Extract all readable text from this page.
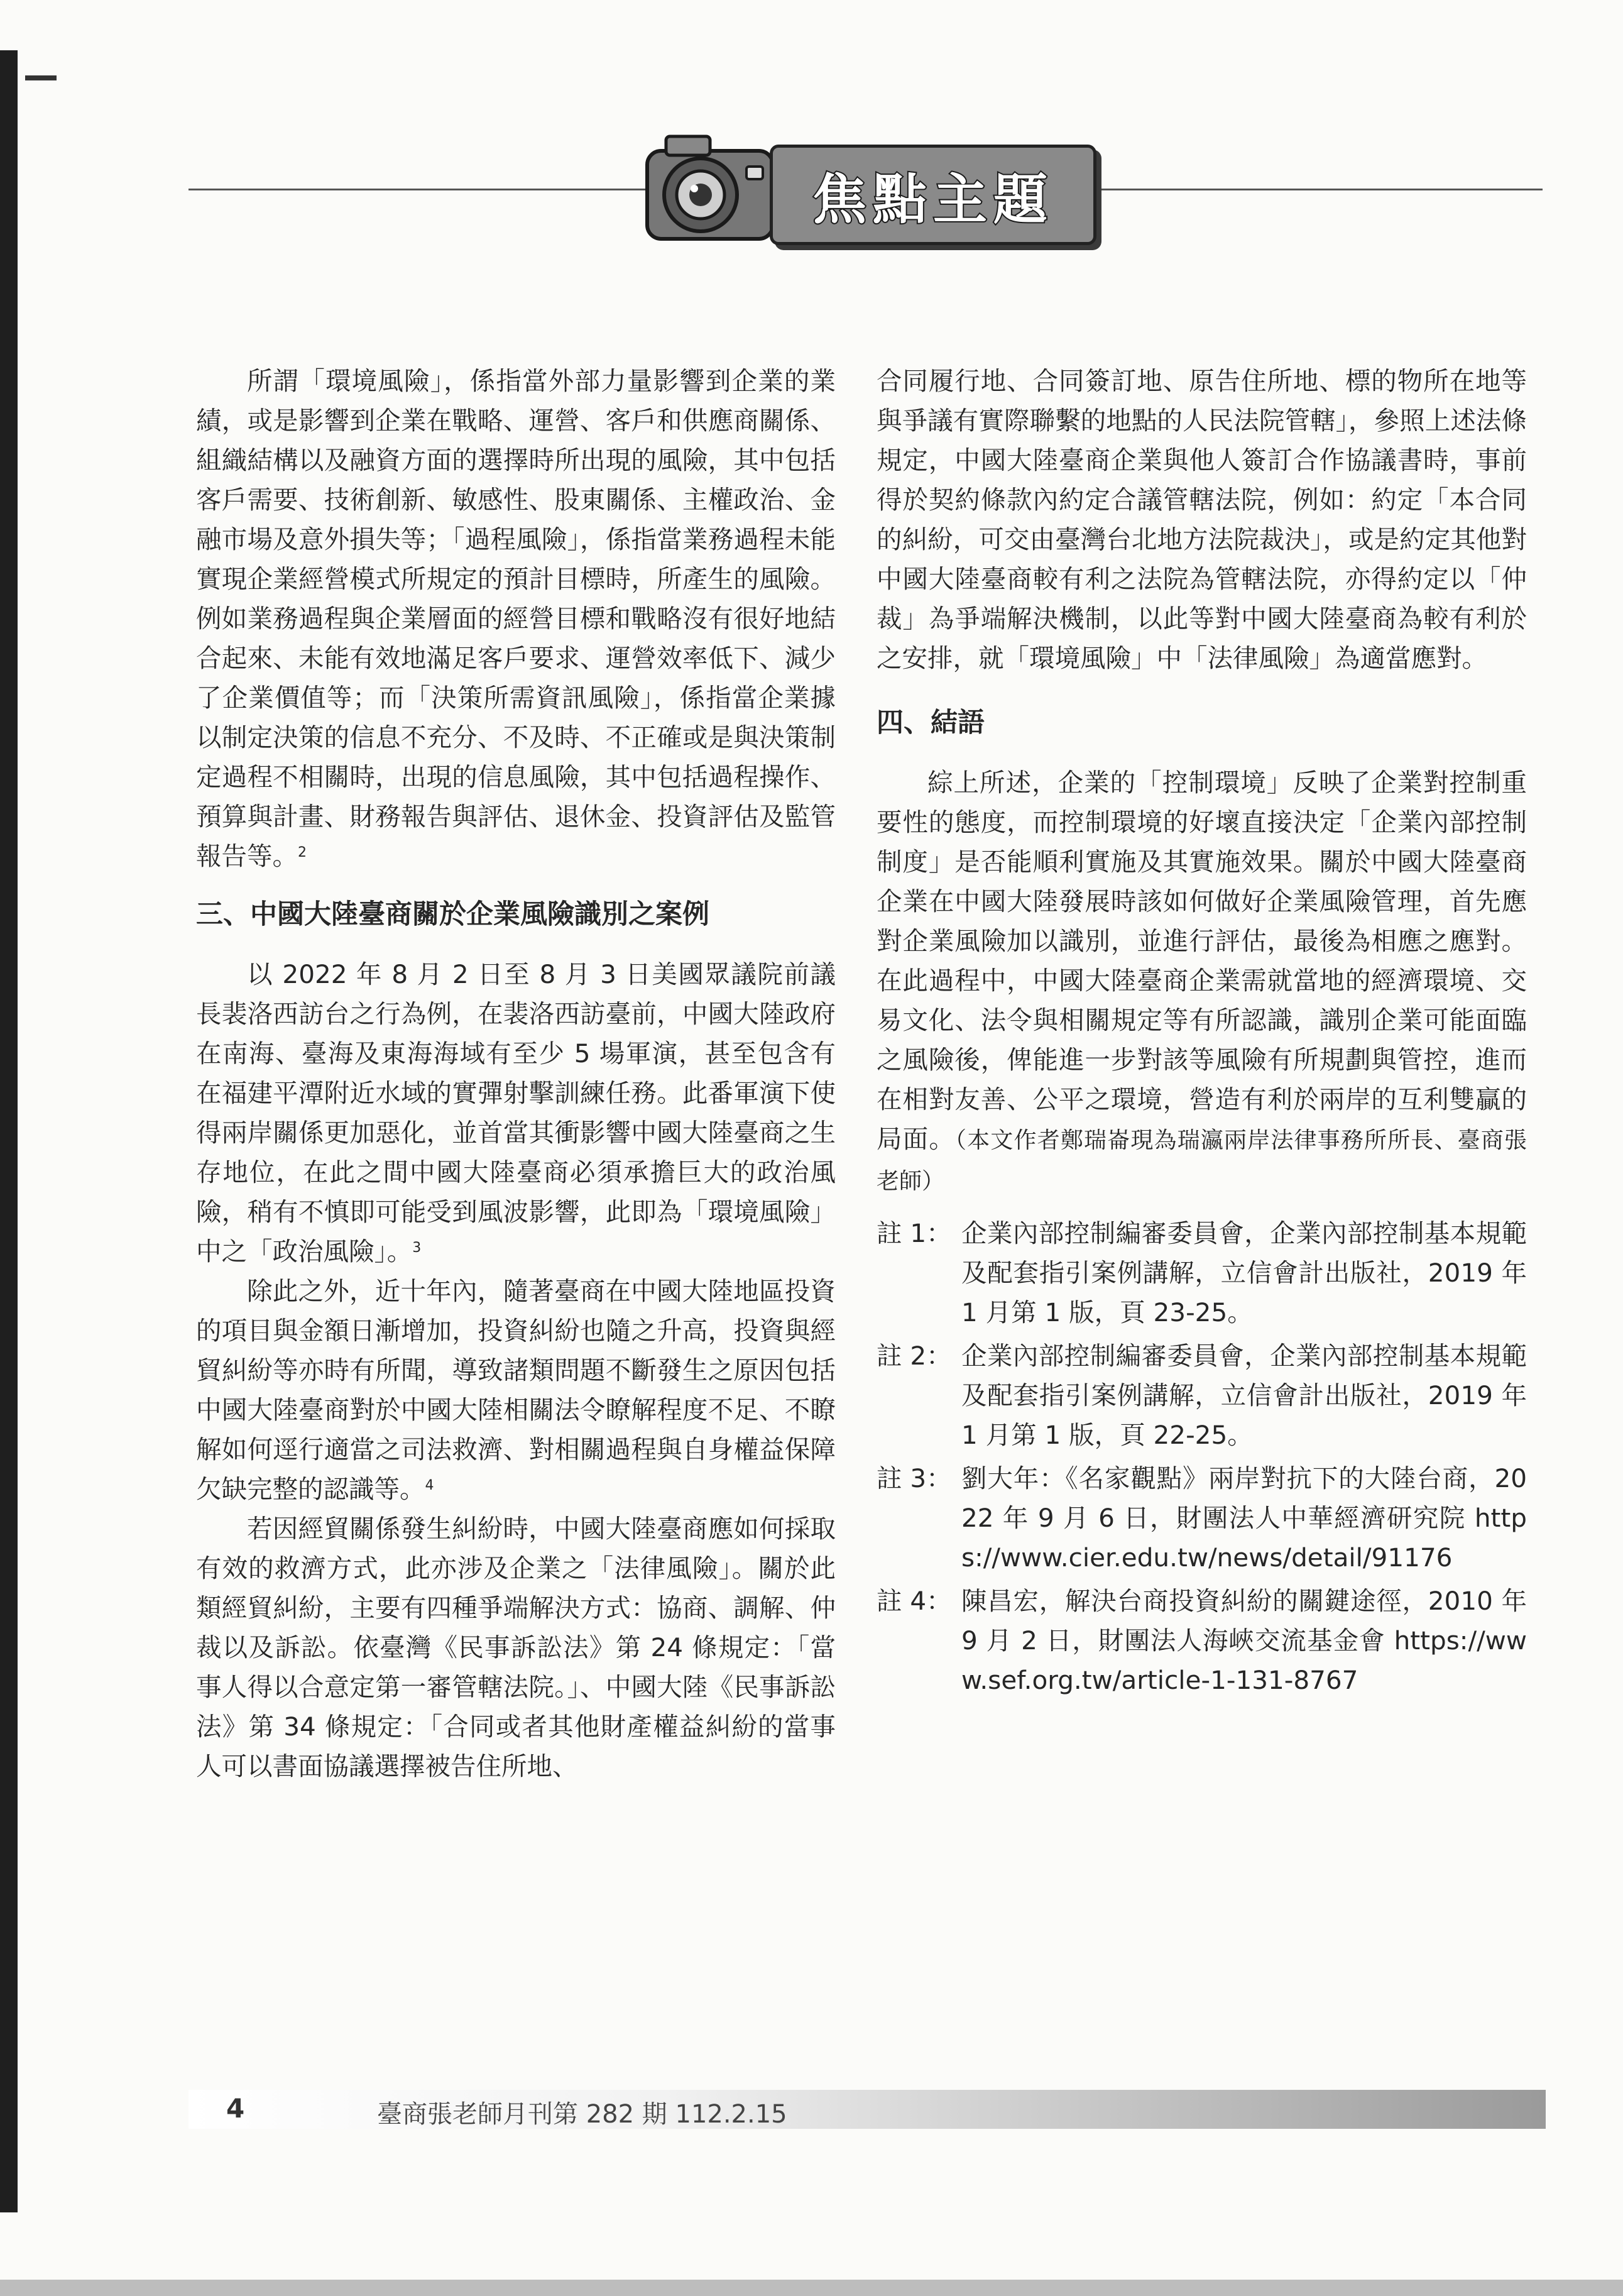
焦點主題

所謂「環境風險」，係指當外部力量影響到企業的業績，或是影響到企業在戰略、運營、客戶和供應商關係、組織結構以及融資方面的選擇時所出現的風險，其中包括客戶需要、技術創新、敏感性、股東關係、主權政治、金融市場及意外損失等；「過程風險」，係指當業務過程未能實現企業經營模式所規定的預計目標時，所產生的風險。例如業務過程與企業層面的經營目標和戰略沒有很好地結合起來、未能有效地滿足客戶要求、運營效率低下、減少了企業價值等；而「決策所需資訊風險」，係指當企業據以制定決策的信息不充分、不及時、不正確或是與決策制定過程不相關時，出現的信息風險，其中包括過程操作、預算與計畫、財務報告與評估、退休金、投資評估及監管報告等。$^2$

三、中國大陸臺商關於企業風險識別之案例

以 2022 年 8 月 2 日至 8 月 3 日美國眾議院前議長裴洛西訪台之行為例，在裴洛西訪臺前，中國大陸政府在南海、臺海及東海海域有至少 5 場軍演，甚至包含有在福建平潭附近水域的實彈射擊訓練任務。此番軍演下使得兩岸關係更加惡化，並首當其衝影響中國大陸臺商之生存地位，在此之間中國大陸臺商必須承擔巨大的政治風險，稍有不慎即可能受到風波影響，此即為「環境風險」中之「政治風險」。$^3$

除此之外，近十年內，隨著臺商在中國大陸地區投資的項目與金額日漸增加，投資糾紛也隨之升高，投資與經貿糾紛等亦時有所聞，導致諸類問題不斷發生之原因包括中國大陸臺商對於中國大陸相關法令瞭解程度不足、不瞭解如何逕行適當之司法救濟、對相關過程與自身權益保障欠缺完整的認識等。$^4$

若因經貿關係發生糾紛時，中國大陸臺商應如何採取有效的救濟方式，此亦涉及企業之「法律風險」。關於此類經貿糾紛，主要有四種爭端解決方式：協商、調解、仲裁以及訴訟。依臺灣《民事訴訟法》第 24 條規定：「當事人得以合意定第一審管轄法院。」、中國大陸《民事訴訟法》第 34 條規定：「合同或者其他財產權益糾紛的當事人可以書面協議選擇被告住所地、

合同履行地、合同簽訂地、原告住所地、標的物所在地等與爭議有實際聯繫的地點的人民法院管轄」，參照上述法條規定，中國大陸臺商企業與他人簽訂合作協議書時，事前得於契約條款內約定合議管轄法院，例如：約定「本合同的糾紛，可交由臺灣台北地方法院裁決」，或是約定其他對中國大陸臺商較有利之法院為管轄法院，亦得約定以「仲裁」為爭端解決機制，以此等對中國大陸臺商為較有利於之安排，就「環境風險」中「法律風險」為適當應對。

四、結語

綜上所述，企業的「控制環境」反映了企業對控制重要性的態度，而控制環境的好壞直接決定「企業內部控制制度」是否能順利實施及其實施效果。關於中國大陸臺商企業在中國大陸發展時該如何做好企業風險管理，首先應對企業風險加以識別，並進行評估，最後為相應之應對。在此過程中，中國大陸臺商企業需就當地的經濟環境、交易文化、法令與相關規定等有所認識，識別企業可能面臨之風險後，俾能進一步對該等風險有所規劃與管控，進而在相對友善、公平之環境，營造有利於兩岸的互利雙贏的局面。（本文作者鄭瑞崙現為瑞瀛兩岸法律事務所所長、臺商張老師）

註 1： 企業內部控制編審委員會，企業內部控制基本規範及配套指引案例講解，立信會計出版社，2019 年 1 月第 1 版，頁 23-25。
註 2： 企業內部控制編審委員會，企業內部控制基本規範及配套指引案例講解，立信會計出版社，2019 年 1 月第 1 版，頁 22-25。
註 3： 劉大年：《名家觀點》兩岸對抗下的大陸台商，2022 年 9 月 6 日，財團法人中華經濟研究院 https://www.cier.edu.tw/news/detail/91176
註 4： 陳昌宏，解決台商投資糾紛的關鍵途徑，2010 年 9 月 2 日，財團法人海峽交流基金會 https://www.sef.org.tw/article-1-131-8767
4	臺商張老師月刊第 282 期 112.2.15
